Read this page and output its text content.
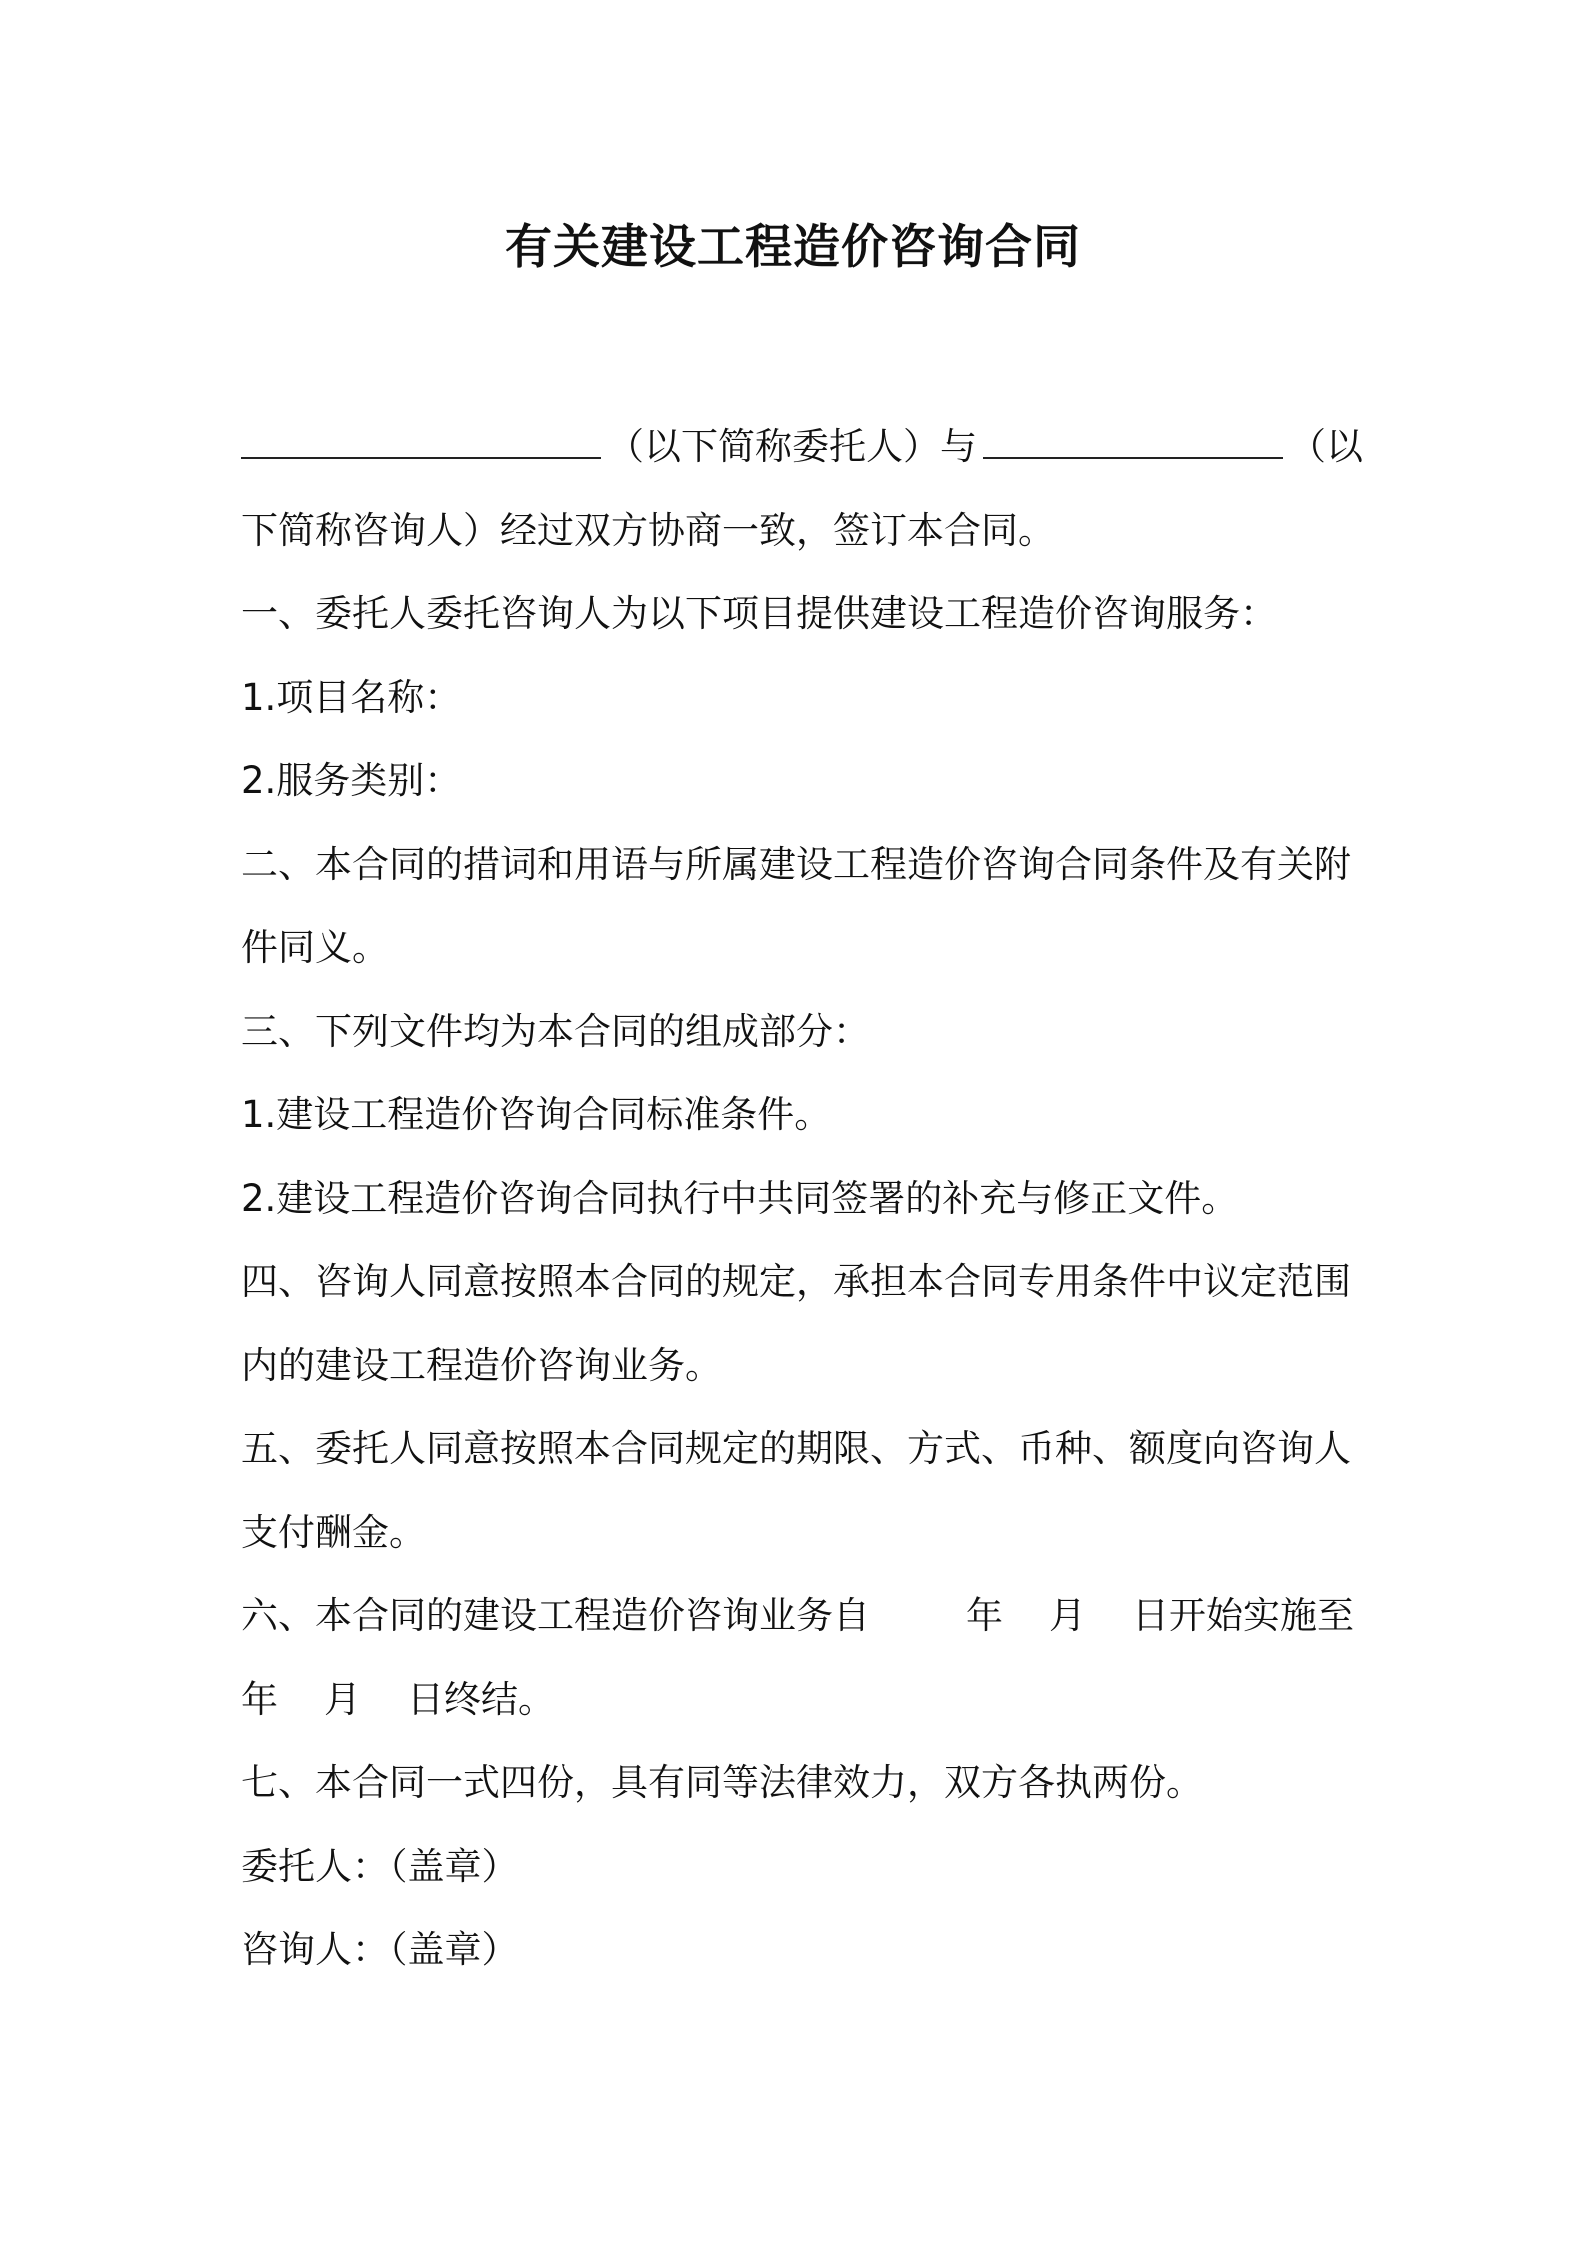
有关建设工程造价咨询合同
（以下简称委托人）与	（以
下简称咨询人）经过双方协商一致，签订本合同。
一、委托人委托咨询人为以下项目提供建设工程造价咨询服务：
1.项目名称：
2.服务类别：
二、本合同的措词和用语与所属建设工程造价咨询合同条件及有关附
件同义。
三、下列文件均为本合同的组成部分：
1.建设工程造价咨询合同标准条件。
2.建设工程造价咨询合同执行中共同签署的补充与修正文件。
四、咨询人同意按照本合同的规定，承担本合同专用条件中议定范围
内的建设工程造价咨询业务。
五、委托人同意按照本合同规定的期限、方式、币种、额度向咨询人
支付酬金。
六、本合同的建设工程造价咨询业务自	年 月 日开始实施至
年 月 日终结。
七、本合同一式四份，具有同等法律效力，双方各执两份。
委托人：（盖章）
咨询人：（盖章）
